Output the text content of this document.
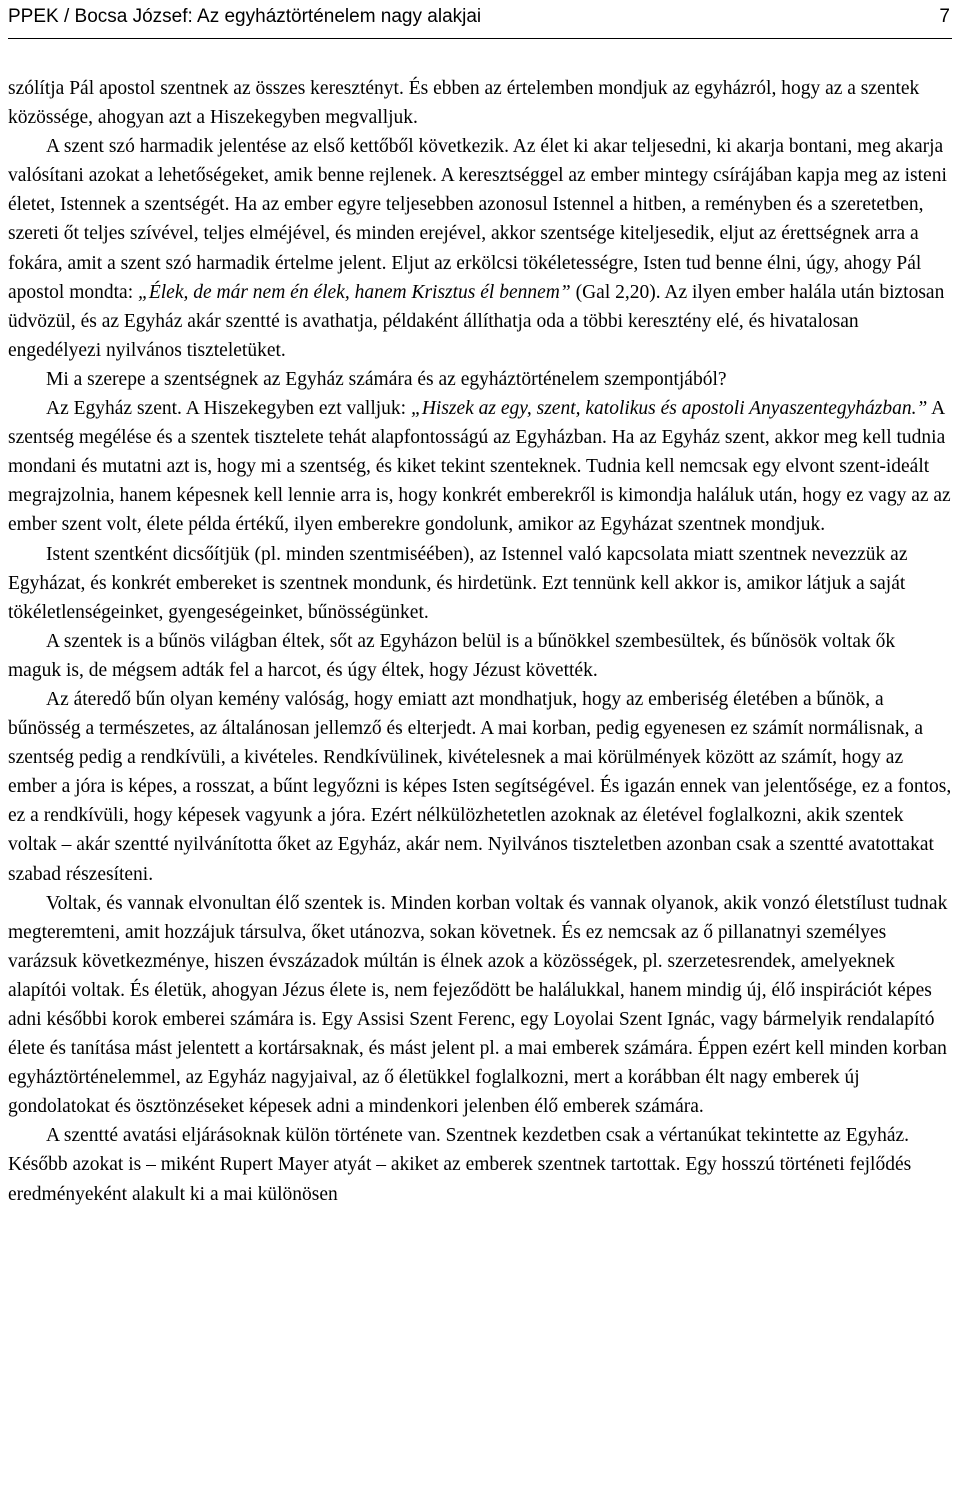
PPEK / Bocsa József: Az egyháztörténelem nagy alakjai	7

szólítja Pál apostol szentnek az összes keresztényt. És ebben az értelemben mondjuk az egyházról, hogy az a szentek közössége, ahogyan azt a Hiszekegyben megvalljuk.

A szent szó harmadik jelentése az első kettőből következik. Az élet ki akar teljesedni, ki akarja bontani, meg akarja valósítani azokat a lehetőségeket, amik benne rejlenek. A keresztséggel az ember mintegy csírájában kapja meg az isteni életet, Istennek a szentségét. Ha az ember egyre teljesebben azonosul Istennel a hitben, a reményben és a szeretetben, szereti őt teljes szívével, teljes elméjével, és minden erejével, akkor szentsége kiteljesedik, eljut az érettségnek arra a fokára, amit a szent szó harmadik értelme jelent. Eljut az erkölcsi tökéletességre, Isten tud benne élni, úgy, ahogy Pál apostol mondta: „Élek, de már nem én élek, hanem Krisztus él bennem” (Gal 2,20). Az ilyen ember halála után biztosan üdvözül, és az Egyház akár szentté is avathatja, példaként állíthatja oda a többi keresztény elé, és hivatalosan engedélyezi nyilvános tiszteletüket.

Mi a szerepe a szentségnek az Egyház számára és az egyháztörténelem szempontjából?

Az Egyház szent. A Hiszekegyben ezt valljuk: „Hiszek az egy, szent, katolikus és apostoli Anyaszentegyházban.” A szentség megélése és a szentek tisztelete tehát alapfontosságú az Egyházban. Ha az Egyház szent, akkor meg kell tudnia mondani és mutatni azt is, hogy mi a szentség, és kiket tekint szenteknek. Tudnia kell nemcsak egy elvont szent-ideált megrajzolnia, hanem képesnek kell lennie arra is, hogy konkrét emberekről is kimondja haláluk után, hogy ez vagy az az ember szent volt, élete példa értékű, ilyen emberekre gondolunk, amikor az Egyházat szentnek mondjuk.

Istent szentként dicsőítjük (pl. minden szentmiséében), az Istennel való kapcsolata miatt szentnek nevezzük az Egyházat, és konkrét embereket is szentnek mondunk, és hirdetünk. Ezt tennünk kell akkor is, amikor látjuk a saját tökéletlenségeinket, gyengeségeinket, bűnösségünket.

A szentek is a bűnös világban éltek, sőt az Egyházon belül is a bűnökkel szembesültek, és bűnösök voltak ők maguk is, de mégsem adták fel a harcot, és úgy éltek, hogy Jézust követték.

Az áteredő bűn olyan kemény valóság, hogy emiatt azt mondhatjuk, hogy az emberiség életében a bűnök, a bűnösség a természetes, az általánosan jellemző és elterjedt. A mai korban, pedig egyenesen ez számít normálisnak, a szentség pedig a rendkívüli, a kivételes. Rendkívülinek, kivételesnek a mai körülmények között az számít, hogy az ember a jóra is képes, a rosszat, a bűnt legyőzni is képes Isten segítségével. És igazán ennek van jelentősége, ez a fontos, ez a rendkívüli, hogy képesek vagyunk a jóra. Ezért nélkülözhetetlen azoknak az életével foglalkozni, akik szentek voltak – akár szentté nyilvánította őket az Egyház, akár nem. Nyilvános tiszteletben azonban csak a szentté avatottakat szabad részesíteni.

Voltak, és vannak elvonultan élő szentek is. Minden korban voltak és vannak olyanok, akik vonzó életstílust tudnak megteremteni, amit hozzájuk társulva, őket utánozva, sokan követnek. És ez nemcsak az ő pillanatnyi személyes varázsuk következménye, hiszen évszázadok múltán is élnek azok a közösségek, pl. szerzetesrendek, amelyeknek alapítói voltak. És életük, ahogyan Jézus élete is, nem fejeződött be halálukkal, hanem mindig új, élő inspirációt képes adni későbbi korok emberei számára is. Egy Assisi Szent Ferenc, egy Loyolai Szent Ignác, vagy bármelyik rendalapító élete és tanítása mást jelentett a kortársaknak, és mást jelent pl. a mai emberek számára. Éppen ezért kell minden korban egyháztörténelemmel, az Egyház nagyjaival, az ő életükkel foglalkozni, mert a korábban élt nagy emberek új gondolatokat és ösztönzéseket képesek adni a mindenkori jelenben élő emberek számára.

A szentté avatási eljárásoknak külön története van. Szentnek kezdetben csak a vértanúkat tekintette az Egyház. Később azokat is – miként Rupert Mayer atyát – akiket az emberek szentnek tartottak. Egy hosszú történeti fejlődés eredményeként alakult ki a mai különösen
